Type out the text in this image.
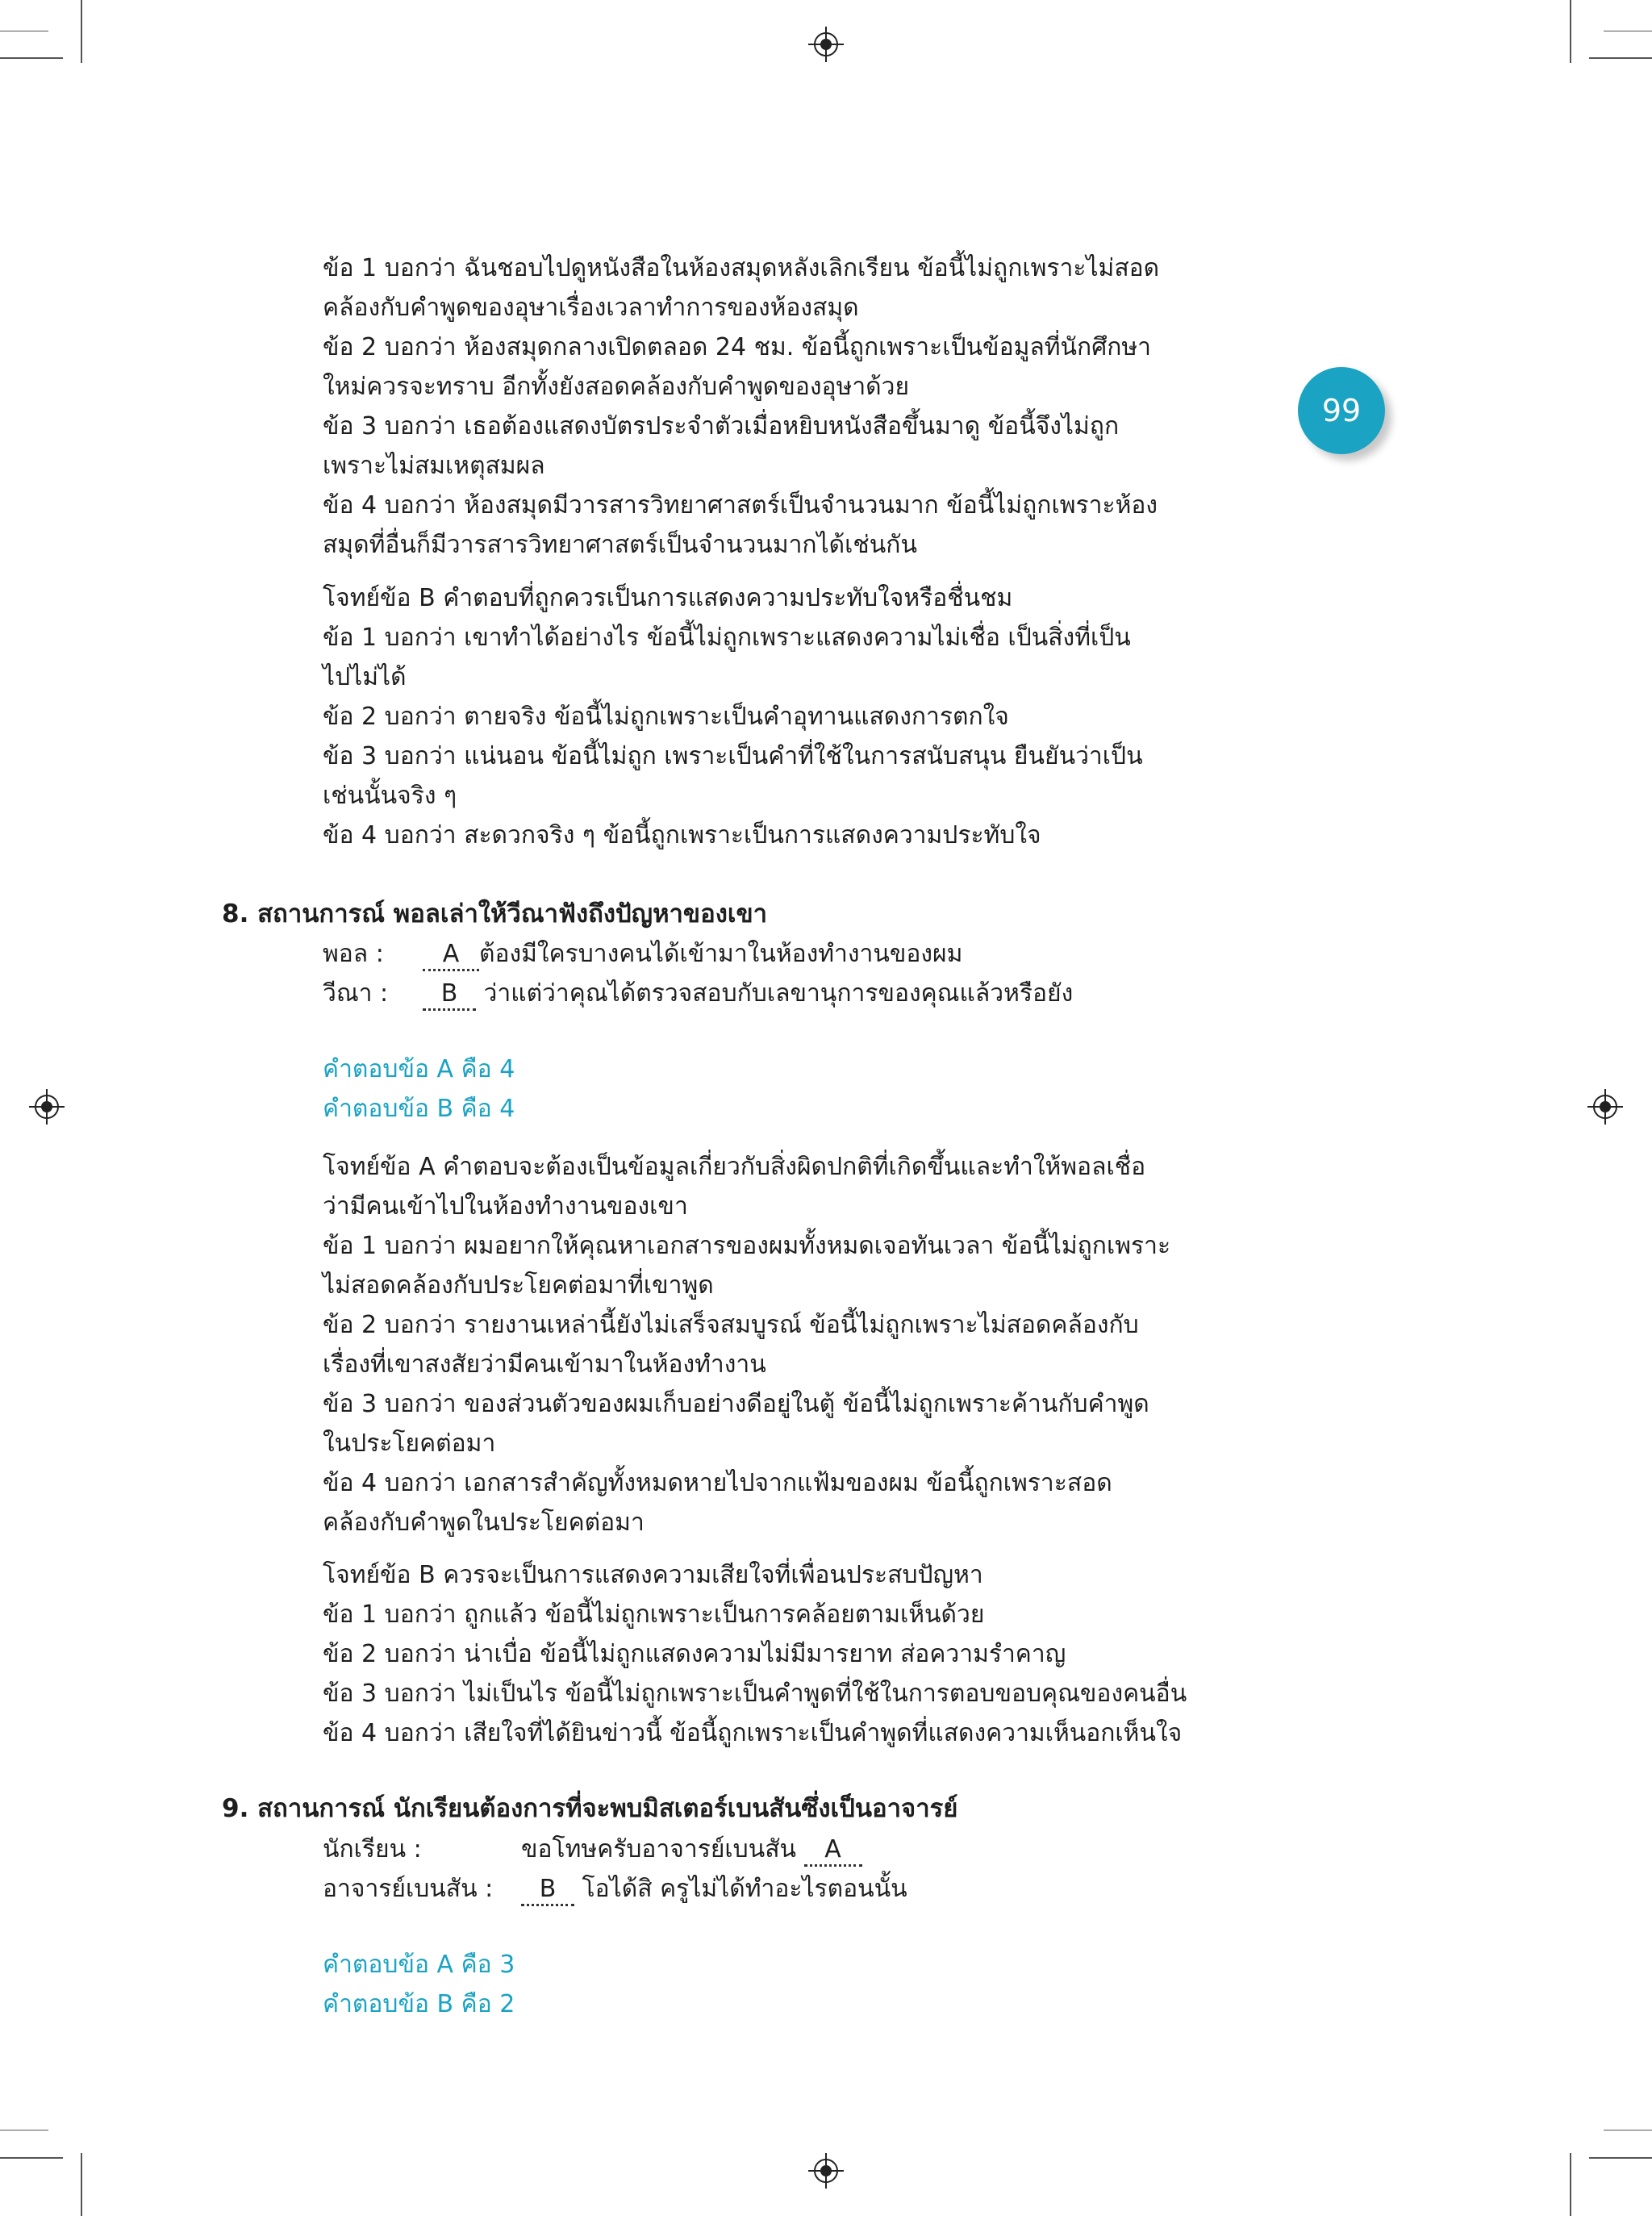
99
ข้อ 1 บอกว่า ฉันชอบไปดูหนังสือในห้องสมุดหลังเลิกเรียน ข้อนี้ไม่ถูกเพราะไม่สอด
คล้องกับคำพูดของอุษาเรื่องเวลาทำการของห้องสมุด
ข้อ 2 บอกว่า ห้องสมุดกลางเปิดตลอด 24 ชม. ข้อนี้ถูกเพราะเป็นข้อมูลที่นักศึกษา
ใหม่ควรจะทราบ อีกทั้งยังสอดคล้องกับคำพูดของอุษาด้วย
ข้อ 3 บอกว่า เธอต้องแสดงบัตรประจำตัวเมื่อหยิบหนังสือขึ้นมาดู ข้อนี้จึงไม่ถูก
เพราะไม่สมเหตุสมผล
ข้อ 4 บอกว่า ห้องสมุดมีวารสารวิทยาศาสตร์เป็นจำนวนมาก ข้อนี้ไม่ถูกเพราะห้อง
สมุดที่อื่นก็มีวารสารวิทยาศาสตร์เป็นจำนวนมากได้เช่นกัน
โจทย์ข้อ B คำตอบที่ถูกควรเป็นการแสดงความประทับใจหรือชื่นชม
ข้อ 1 บอกว่า เขาทำได้อย่างไร ข้อนี้ไม่ถูกเพราะแสดงความไม่เชื่อ เป็นสิ่งที่เป็น
ไปไม่ได้
ข้อ 2 บอกว่า ตายจริง ข้อนี้ไม่ถูกเพราะเป็นคำอุทานแสดงการตกใจ
ข้อ 3 บอกว่า แน่นอน ข้อนี้ไม่ถูก เพราะเป็นคำที่ใช้ในการสนับสนุน ยืนยันว่าเป็น
เช่นนั้นจริง ๆ
ข้อ 4 บอกว่า สะดวกจริง ๆ ข้อนี้ถูกเพราะเป็นการแสดงความประทับใจ
8. สถานการณ์ พอลเล่าให้วีณาฟังถึงปัญหาของเขา
พอล :	A ต้องมีใครบางคนได้เข้ามาในห้องทำงานของผม
วีณา :	B ว่าแต่ว่าคุณได้ตรวจสอบกับเลขานุการของคุณแล้วหรือยัง
คำตอบข้อ A คือ 4
คำตอบข้อ B คือ 4
โจทย์ข้อ A คำตอบจะต้องเป็นข้อมูลเกี่ยวกับสิ่งผิดปกติที่เกิดขึ้นและทำให้พอลเชื่อ
ว่ามีคนเข้าไปในห้องทำงานของเขา
ข้อ 1 บอกว่า ผมอยากให้คุณหาเอกสารของผมทั้งหมดเจอทันเวลา ข้อนี้ไม่ถูกเพราะ
ไม่สอดคล้องกับประโยคต่อมาที่เขาพูด
ข้อ 2 บอกว่า รายงานเหล่านี้ยังไม่เสร็จสมบูรณ์ ข้อนี้ไม่ถูกเพราะไม่สอดคล้องกับ
เรื่องที่เขาสงสัยว่ามีคนเข้ามาในห้องทำงาน
ข้อ 3 บอกว่า ของส่วนตัวของผมเก็บอย่างดีอยู่ในตู้ ข้อนี้ไม่ถูกเพราะค้านกับคำพูด
ในประโยคต่อมา
ข้อ 4 บอกว่า เอกสารสำคัญทั้งหมดหายไปจากแฟ้มของผม ข้อนี้ถูกเพราะสอด
คล้องกับคำพูดในประโยคต่อมา
โจทย์ข้อ B ควรจะเป็นการแสดงความเสียใจที่เพื่อนประสบปัญหา
ข้อ 1 บอกว่า ถูกแล้ว ข้อนี้ไม่ถูกเพราะเป็นการคล้อยตามเห็นด้วย
ข้อ 2 บอกว่า น่าเบื่อ ข้อนี้ไม่ถูกแสดงความไม่มีมารยาท ส่อความรำคาญ
ข้อ 3 บอกว่า ไม่เป็นไร ข้อนี้ไม่ถูกเพราะเป็นคำพูดที่ใช้ในการตอบขอบคุณของคนอื่น
ข้อ 4 บอกว่า เสียใจที่ได้ยินข่าวนี้ ข้อนี้ถูกเพราะเป็นคำพูดที่แสดงความเห็นอกเห็นใจ
9. สถานการณ์ นักเรียนต้องการที่จะพบมิสเตอร์เบนสันซึ่งเป็นอาจารย์
นักเรียน :	ขอโทษครับอาจารย์เบนสัน A
อาจารย์เบนสัน :	B โอได้สิ ครูไม่ได้ทำอะไรตอนนั้น
คำตอบข้อ A คือ 3
คำตอบข้อ B คือ 2
